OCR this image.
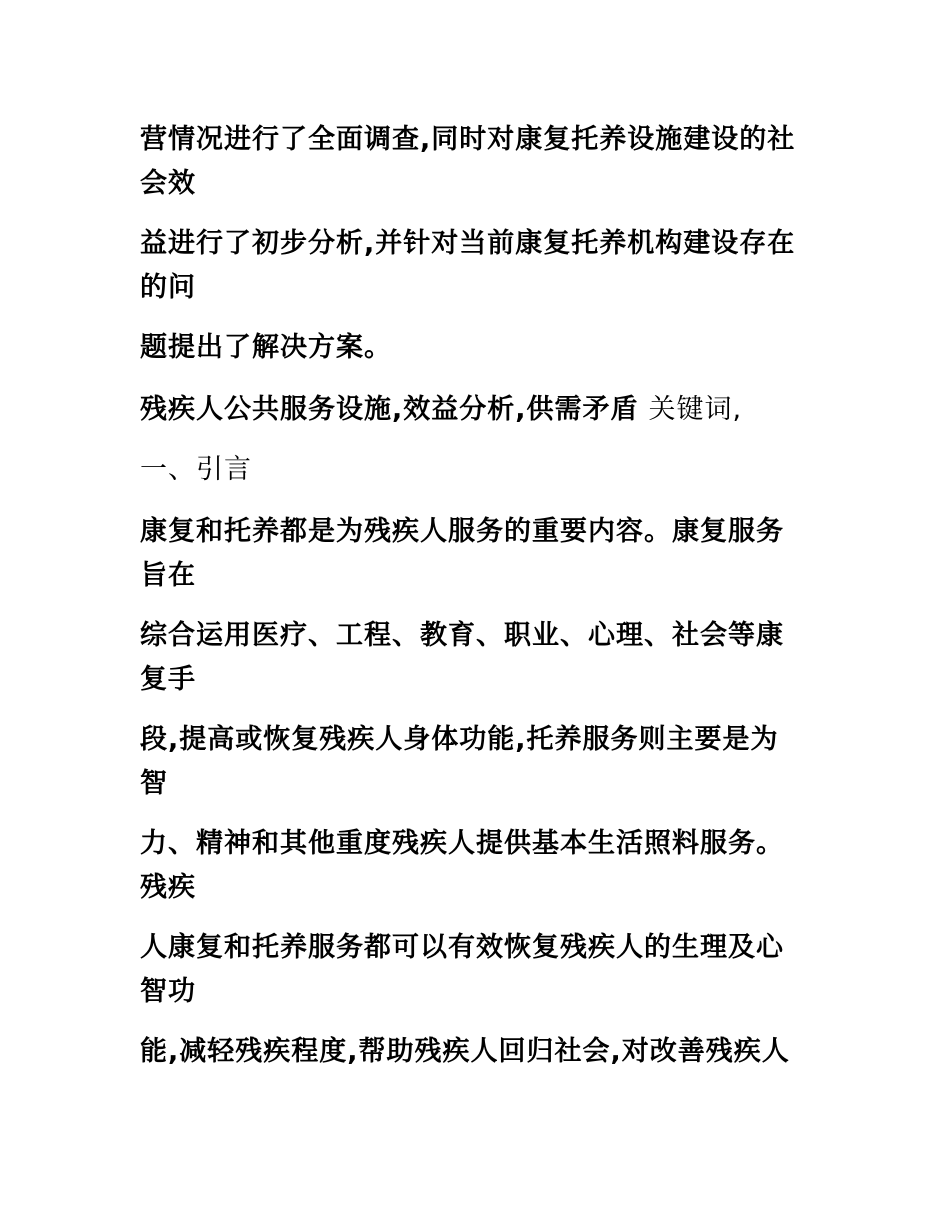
营情况进行了全面调查,同时对康复托养设施建设的社
会效
益进行了初步分析,并针对当前康复托养机构建设存在
的问
题提出了解决方案。
残疾人公共服务设施,效益分析,供需矛盾 关键词,
一、引言
康复和托养都是为残疾人服务的重要内容。康复服务
旨在
综合运用医疗、工程、教育、职业、心理、社会等康
复手
段,提高或恢复残疾人身体功能,托养服务则主要是为
智
力、精神和其他重度残疾人提供基本生活照料服务。
残疾
人康复和托养服务都可以有效恢复残疾人的生理及心
智功
能,减轻残疾程度,帮助残疾人回归社会,对改善残疾人
